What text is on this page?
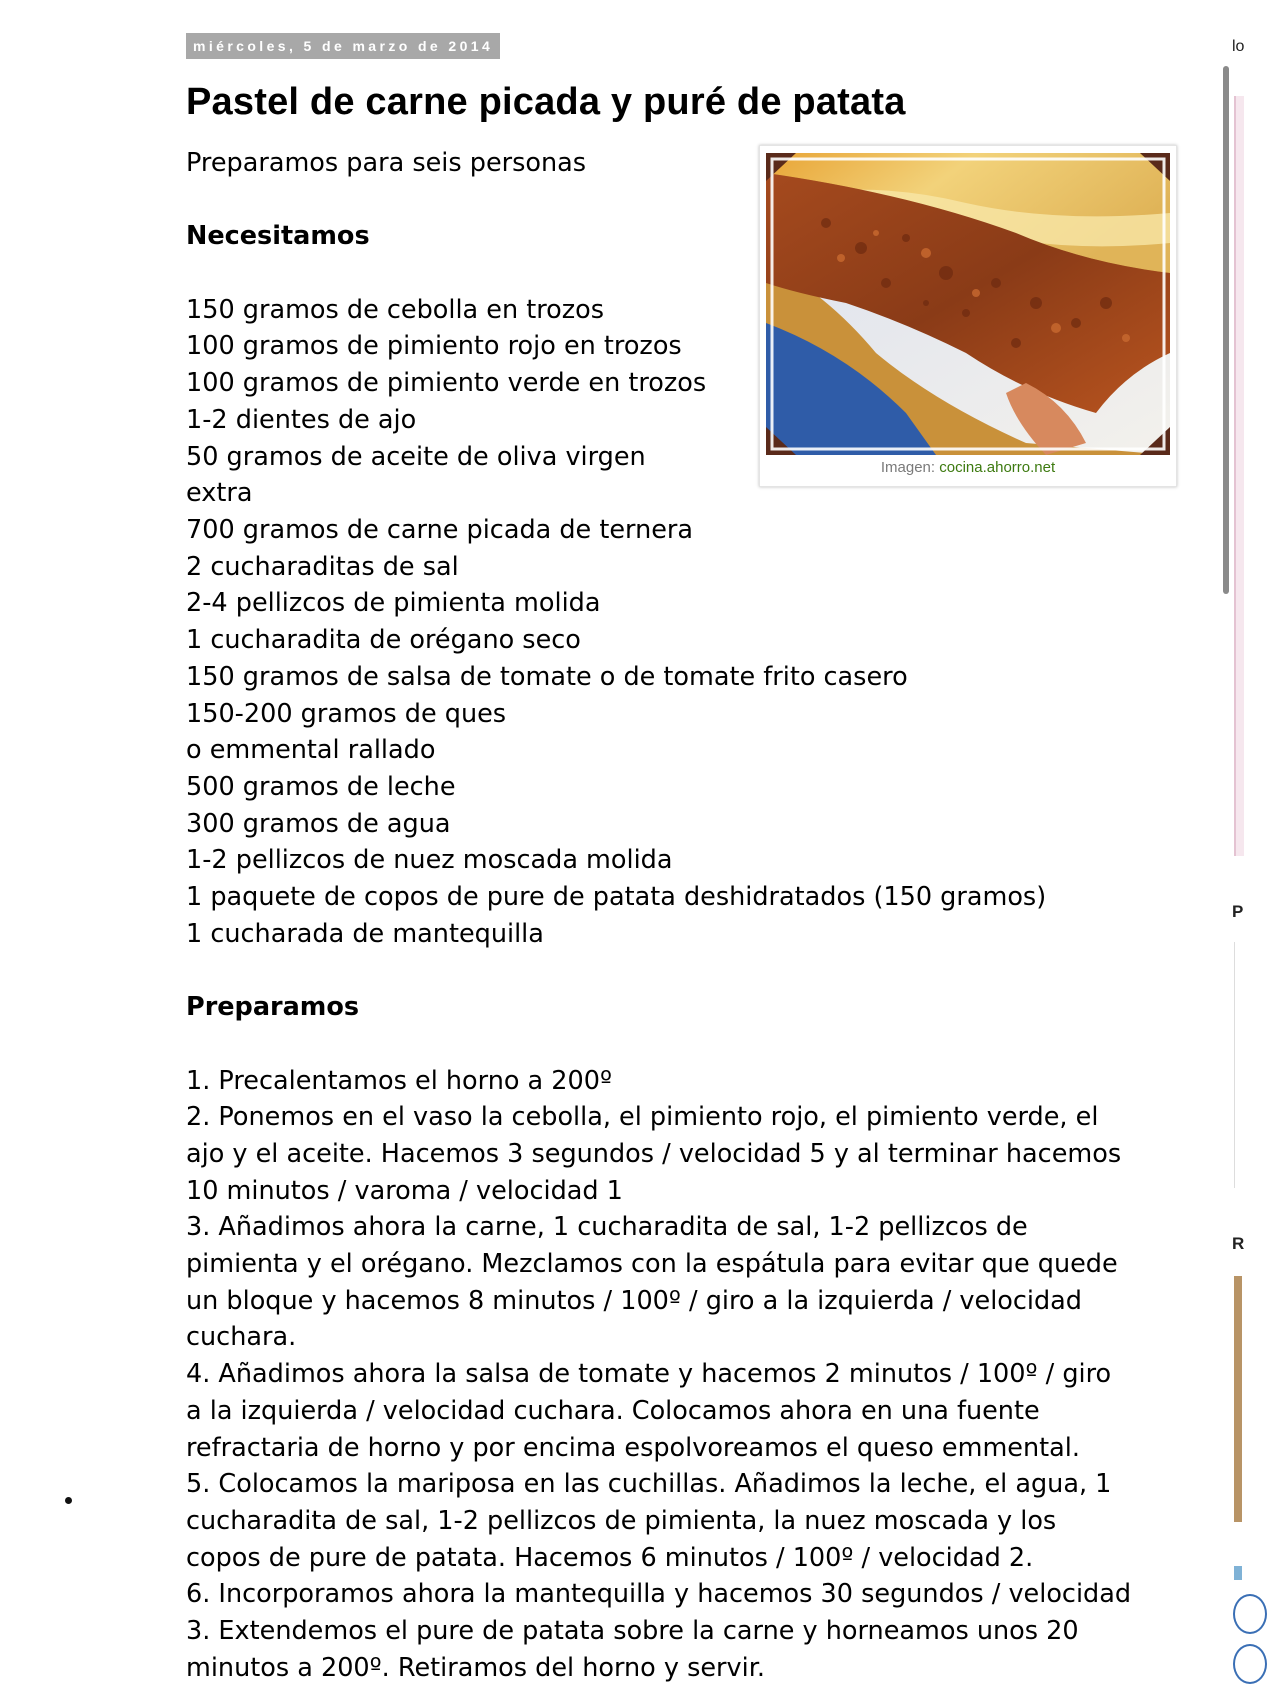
miércoles, 5 de marzo de 2014
Pastel de carne picada y puré de patata
Preparamos para seis personas
Necesitamos
150 gramos de cebolla en trozos
100 gramos de pimiento rojo en trozos
100 gramos de pimiento verde en trozos
1-2 dientes de ajo
50 gramos de aceite de oliva virgen
extra
700 gramos de carne picada de ternera
2 cucharaditas de sal
2-4 pellizcos de pimienta molida
1 cucharadita de orégano seco
150 gramos de salsa de tomate o de tomate frito casero
150-200 gramos de ques
o emmental rallado
500 gramos de leche
300 gramos de agua
1-2 pellizcos de nuez moscada molida
1 paquete de copos de pure de patata deshidratados (150 gramos)
1 cucharada de mantequilla
Preparamos
1. Precalentamos el horno a 200º
2. Ponemos en el vaso la cebolla, el pimiento rojo, el pimiento verde, el
ajo y el aceite. Hacemos 3 segundos / velocidad 5 y al terminar hacemos
10 minutos / varoma / velocidad 1
3. Añadimos ahora la carne, 1 cucharadita de sal, 1-2 pellizcos de
pimienta y el orégano. Mezclamos con la espátula para evitar que quede
un bloque y hacemos 8 minutos / 100º / giro a la izquierda / velocidad
cuchara.
4. Añadimos ahora la salsa de tomate y hacemos 2 minutos / 100º / giro
a la izquierda / velocidad cuchara. Colocamos ahora en una fuente
refractaria de horno y por encima espolvoreamos el queso emmental.
5. Colocamos la mariposa en las cuchillas. Añadimos la leche, el agua, 1
cucharadita de sal, 1-2 pellizcos de pimienta, la nuez moscada y los
copos de pure de patata. Hacemos 6 minutos / 100º / velocidad 2.
6. Incorporamos ahora la mantequilla y hacemos 30 segundos / velocidad
3. Extendemos el pure de patata sobre la carne y horneamos unos 20
minutos a 200º. Retiramos del horno y servir.
Imagen: cocina.ahorro.net
lo
P
R
